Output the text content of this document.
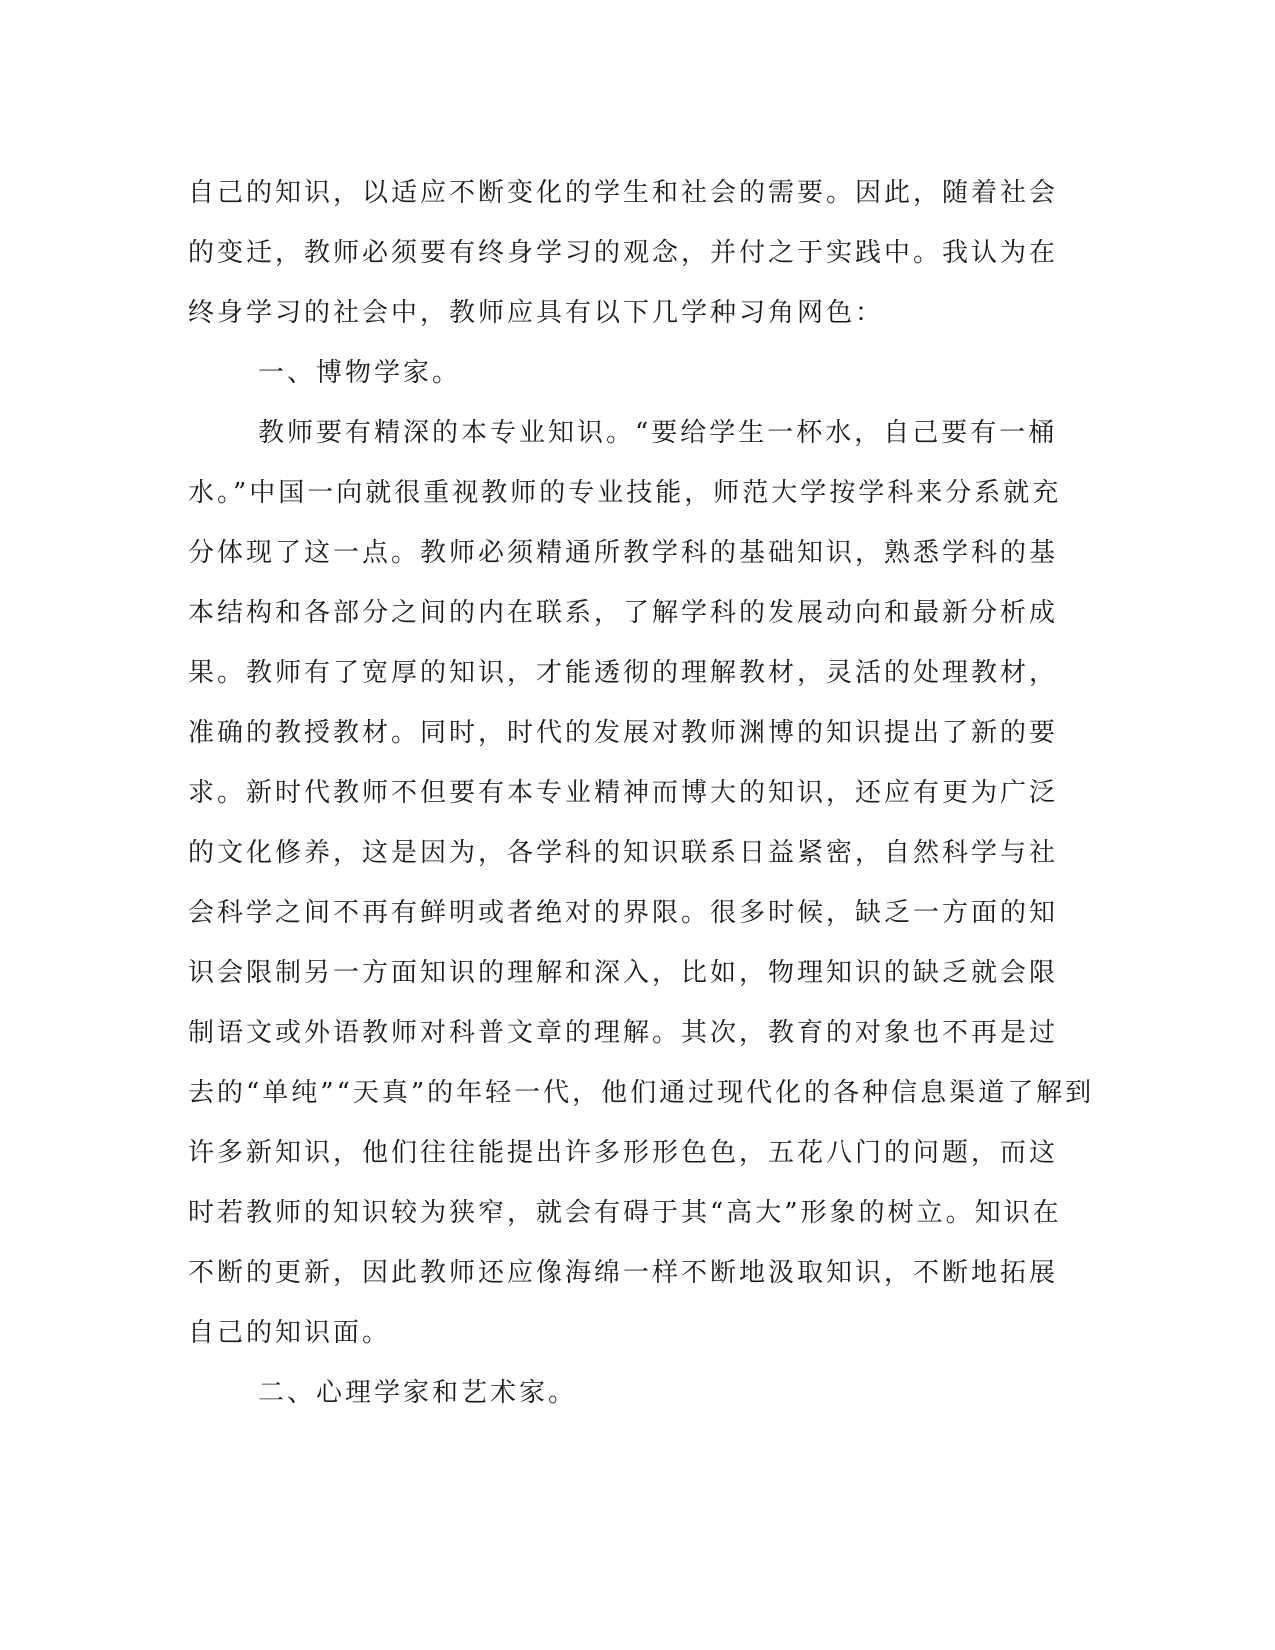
自己的知识，以适应不断变化的学生和社会的需要。因此，随着社会
的变迁，教师必须要有终身学习的观念，并付之于实践中。我认为在
终身学习的社会中，教师应具有以下几学种习角网色：
一、博物学家。
教师要有精深的本专业知识。“要给学生一杯水，自己要有一桶
水。”中国一向就很重视教师的专业技能，师范大学按学科来分系就充
分体现了这一点。教师必须精通所教学科的基础知识，熟悉学科的基
本结构和各部分之间的内在联系，了解学科的发展动向和最新分析成
果。教师有了宽厚的知识，才能透彻的理解教材，灵活的处理教材，
准确的教授教材。同时，时代的发展对教师渊博的知识提出了新的要
求。新时代教师不但要有本专业精神而博大的知识，还应有更为广泛
的文化修养，这是因为，各学科的知识联系日益紧密，自然科学与社
会科学之间不再有鲜明或者绝对的界限。很多时候，缺乏一方面的知
识会限制另一方面知识的理解和深入，比如，物理知识的缺乏就会限
制语文或外语教师对科普文章的理解。其次，教育的对象也不再是过
去的“单纯”“天真”的年轻一代，他们通过现代化的各种信息渠道了解到
许多新知识，他们往往能提出许多形形色色，五花八门的问题，而这
时若教师的知识较为狭窄，就会有碍于其“高大”形象的树立。知识在
不断的更新，因此教师还应像海绵一样不断地汲取知识，不断地拓展
自己的知识面。
二、心理学家和艺术家。
